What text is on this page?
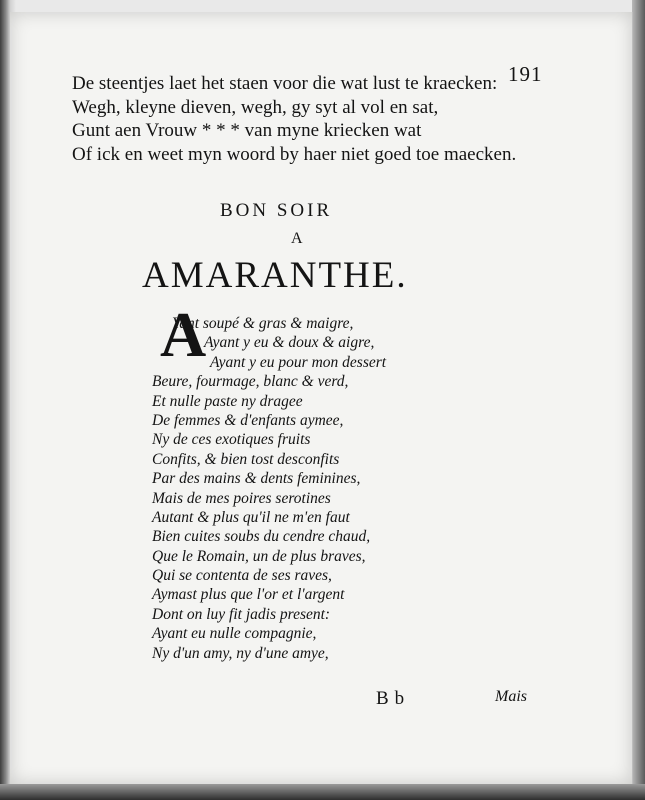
191
De steentjes laet het staen voor die wat lust te kraecken:
Wegh, kleyne dieven, wegh, gy syt al vol en sat,
Gunt aen Vrouw * * * van myne kriecken wat
Of ick en weet myn woord by haer niet goed toe maecken.
BON SOIR
A
AMARANTHE.
A
Yant soupé & gras & maigre,
Ayant y eu & doux & aigre,
Ayant y eu pour mon dessert
Beure, fourmage, blanc & verd,
Et nulle paste ny dragee
De femmes & d'enfants aymee,
Ny de ces exotiques fruits
Confits, & bien tost desconfits
Par des mains & dents feminines,
Mais de mes poires serotines
Autant & plus qu'il ne m'en faut
Bien cuites soubs du cendre chaud,
Que le Romain, un de plus braves,
Qui se contenta de ses raves,
Aymast plus que l'or et l'argent
Dont on luy fit jadis present:
Ayant eu nulle compagnie,
Ny d'un amy, ny d'une amye,
Bb	Mais
